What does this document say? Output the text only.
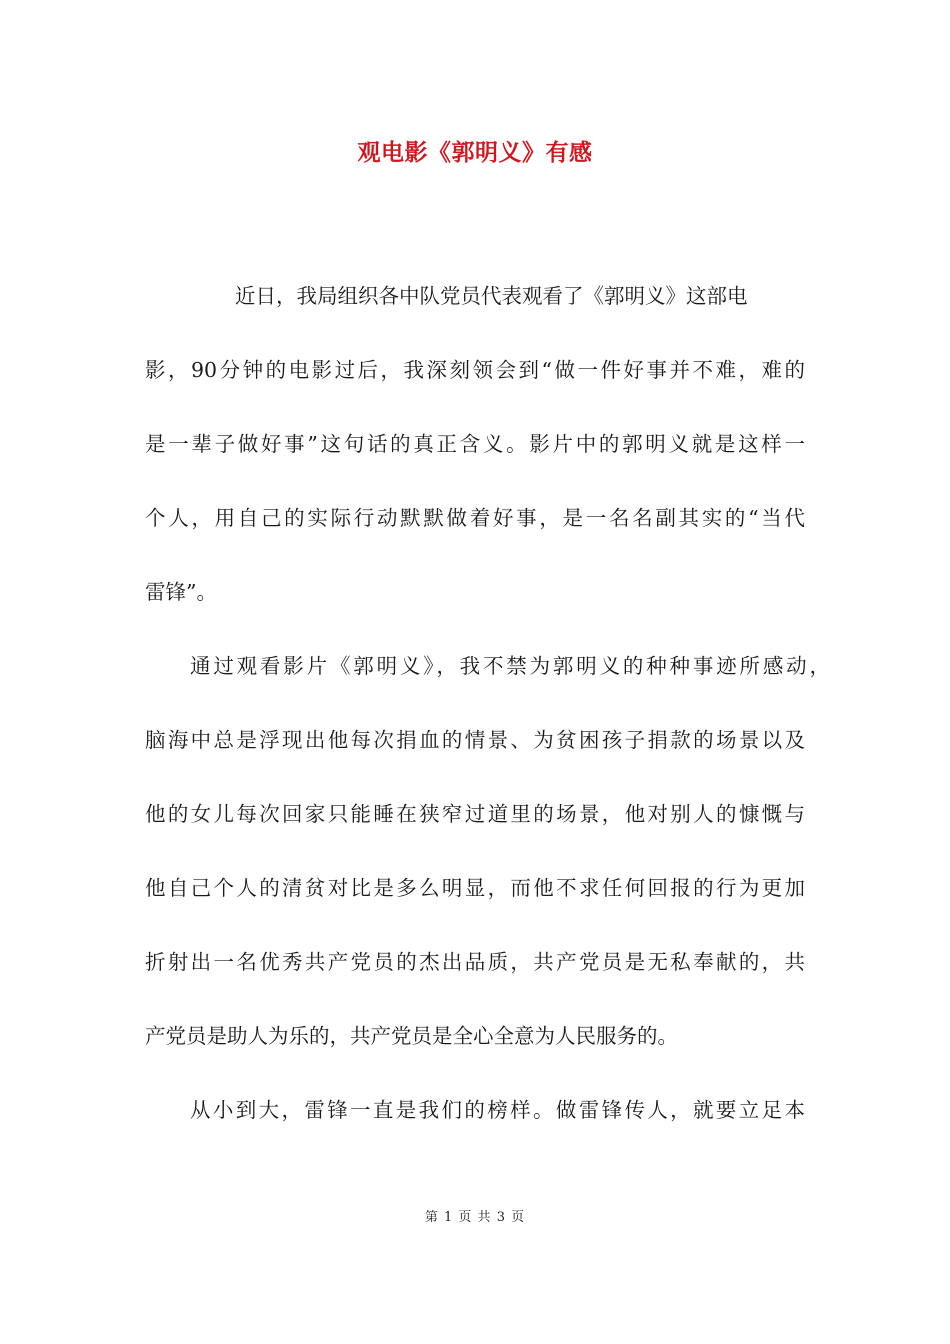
观电影《郭明义》有感
近日，我局组织各中队党员代表观看了《郭明义》这部电
影，90分钟的电影过后，我深刻领会到“做一件好事并不难，难的
是一辈子做好事”这句话的真正含义。影片中的郭明义就是这样一
个人，用自己的实际行动默默做着好事，是一名名副其实的“当代
雷锋”。
通过观看影片《郭明义》，我不禁为郭明义的种种事迹所感动，
脑海中总是浮现出他每次捐血的情景、为贫困孩子捐款的场景以及
他的女儿每次回家只能睡在狭窄过道里的场景，他对别人的慷慨与
他自己个人的清贫对比是多么明显，而他不求任何回报的行为更加
折射出一名优秀共产党员的杰出品质，共产党员是无私奉献的，共
产党员是助人为乐的，共产党员是全心全意为人民服务的。
从小到大，雷锋一直是我们的榜样。做雷锋传人，就要立足本
第 1 页 共 3 页
